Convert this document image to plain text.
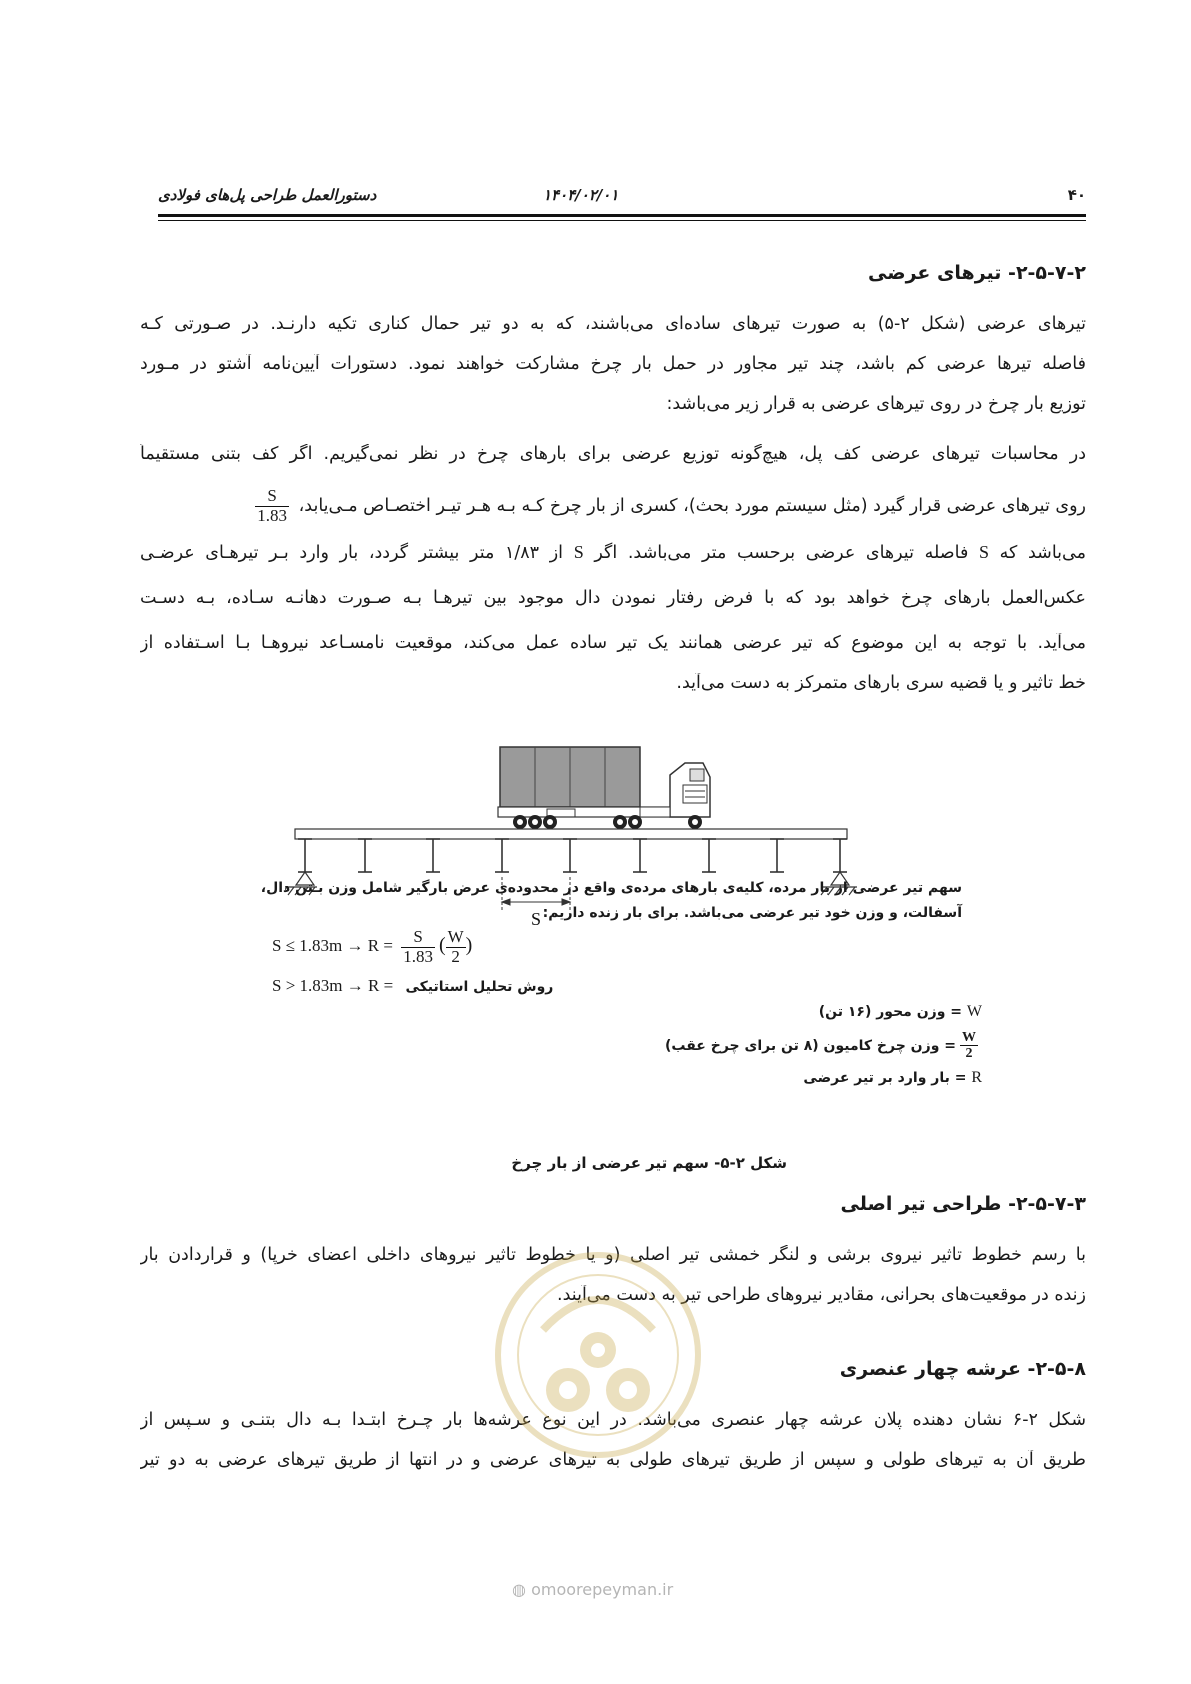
دستورالعمل طراحی پل‌های فولادی	۱۴۰۴/۰۲/۰۱	۴۰
۲-۵-۷-۲- تیرهای عرضی
تیرهای عرضی (شکل ۲-۵) به صورت تیرهای ساده‌ای می‌باشند، که به دو تیر حمال کناری تکیه دارنـد. در صـورتی کـه
فاصله تیرها عرضی کم باشد، چند تیر مجاور در حمل بار چرخ مشارکت خواهند نمود. دستورات آیین‌نامه آشتو در مـورد
توزیع بار چرخ در روی تیرهای عرضی به قرار زیر می‌باشد:
در محاسبات تیرهای عرضی کف پل، هیچ‌گونه توزیع عرضی برای بارهای چرخ در نظر نمی‌گیریم. اگر کف بتنی مستقیماً
روی تیرهای عرضی قرار گیرد (مثل سیستم مورد بحث)، کسری از بار چرخ کـه بـه هـر تیـر اختصـاص مـی‌یابد،
$\frac{S}{1.83}$
می‌باشد که S فاصله تیرهای عرضی برحسب متر می‌باشد. اگر S از ۱/۸۳ متر بیشتر گردد، بار وارد بـر تیرهـای عرضـی
عکس‌العمل بارهای چرخ خواهد بود که با فرض رفتار نمودن دال موجود بین تیرهـا بـه صـورت دهانـه سـاده، بـه دسـت
می‌آید. با توجه به این موضوع که تیر عرضی همانند یک تیر ساده عمل می‌کند، موقعیت نامسـاعد نیروهـا بـا اسـتفاده از
خط تاثیر و یا قضیه سری بارهای متمرکز به دست می‌آید.
S
سهم تیر عرضی از بار مرده، کلیه‌ی بارهای مرده‌ی واقع در محدوده‌ی عرض بارگیر شامل وزن بـتن دال،
آسفالت، و وزن خود تیر عرضی می‌باشد. برای بار زنده داریم:
$S \le 1.83m \to R = \frac{S}{1.83}$ ( $\frac{W}{2}$ )
S > 1.83m → R = روش تحلیل استاتیکی
W = وزن محور (۱۶ تن)
$\frac{W}{2}$
= وزن چرخ کامیون (۸ تن برای چرخ عقب)
R = بار وارد بر تیر عرضی
شکل ۲-۵- سهم تیر عرضی از بار چرخ
۲-۵-۷-۳- طراحی تیر اصلی
با رسم خطوط تاثیر نیروی برشی و لنگر خمشی تیر اصلی (و یا خطوط تاثیر نیروهای داخلی اعضای خرپا) و قراردادن بار
زنده در موقعیت‌های بحرانی، مقادیر نیروهای طراحی تیر به دست می‌آیند.
۲-۵-۸- عرشه چهار عنصری
شکل ۲-۶ نشان دهنده پلان عرشه چهار عنصری می‌باشد. در این نوع عرشه‌ها بار چـرخ ابتـدا بـه دال بتنـی و سـپس از
طریق آن به تیرهای طولی و سپس از طریق تیرهای طولی به تیرهای عرضی و در انتها از طریق تیرهای عرضی به دو تیر
◍ omoorepeyman.ir
